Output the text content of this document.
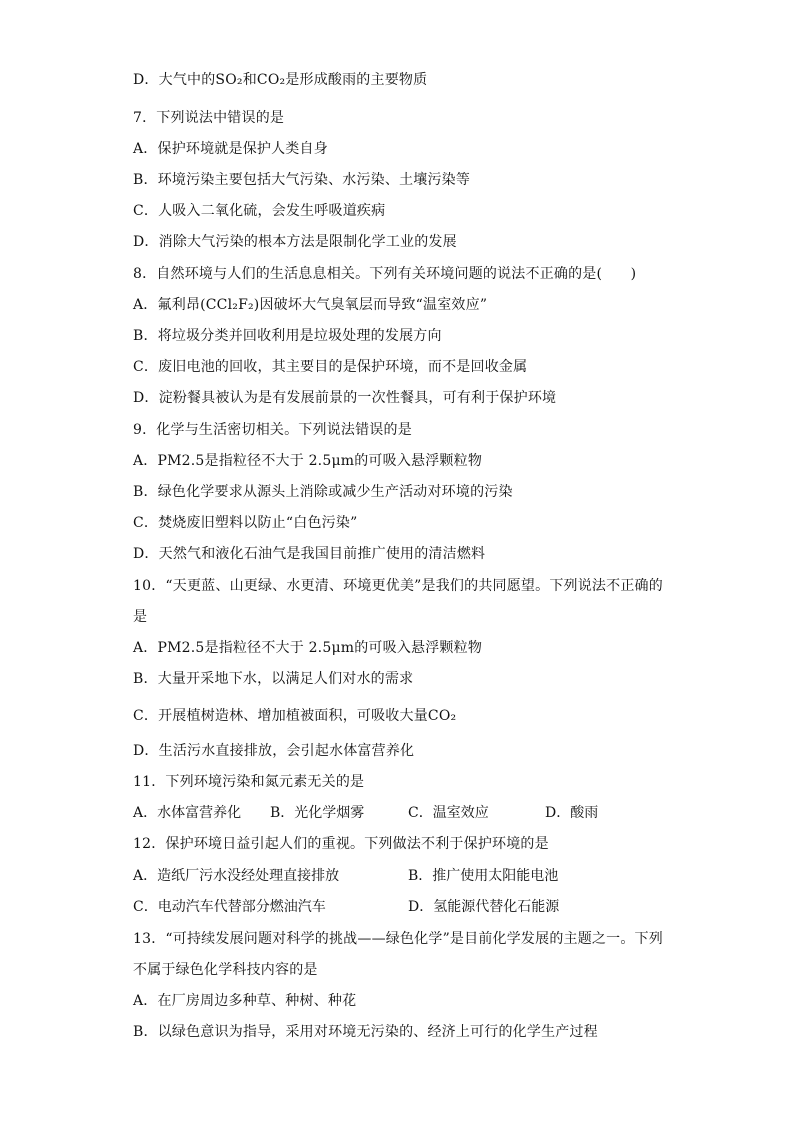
D．大气中的SO₂和CO₂是形成酸雨的主要物质
7．下列说法中错误的是
A．保护环境就是保护人类自身
B．环境污染主要包括大气污染、水污染、土壤污染等
C．人吸入二氧化硫，会发生呼吸道疾病
D．消除大气污染的根本方法是限制化学工业的发展
8．自然环境与人们的生活息息相关。下列有关环境问题的说法不正确的是(　　)
A．氟利昂(CCl₂F₂)因破坏大气臭氧层而导致“温室效应”
B．将垃圾分类并回收利用是垃圾处理的发展方向
C．废旧电池的回收，其主要目的是保护环境，而不是回收金属
D．淀粉餐具被认为是有发展前景的一次性餐具，可有利于保护环境
9．化学与生活密切相关。下列说法错误的是
A．PM2.5是指粒径不大于 2.5μm的可吸入悬浮颗粒物
B．绿色化学要求从源头上消除或减少生产活动对环境的污染
C．焚烧废旧塑料以防止“白色污染”
D．天然气和液化石油气是我国目前推广使用的清洁燃料
10．“天更蓝、山更绿、水更清、环境更优美”是我们的共同愿望。下列说法不正确的
是
A．PM2.5是指粒径不大于 2.5μm的可吸入悬浮颗粒物
B．大量开采地下水，以满足人们对水的需求
C．开展植树造林、增加植被面积，可吸收大量CO₂
D．生活污水直接排放，会引起水体富营养化
11．下列环境污染和氮元素无关的是
A．水体富营养化 B．光化学烟雾	C．温室效应	D．酸雨
12．保护环境日益引起人们的重视。下列做法不利于保护环境的是
A．造纸厂污水没经处理直接排放	B．推广使用太阳能电池
C．电动汽车代替部分燃油汽车	D．氢能源代替化石能源
13．“可持续发展问题对科学的挑战——绿色化学”是目前化学发展的主题之一。下列
不属于绿色化学科技内容的是
A．在厂房周边多种草、种树、种花
B．以绿色意识为指导，采用对环境无污染的、经济上可行的化学生产过程
